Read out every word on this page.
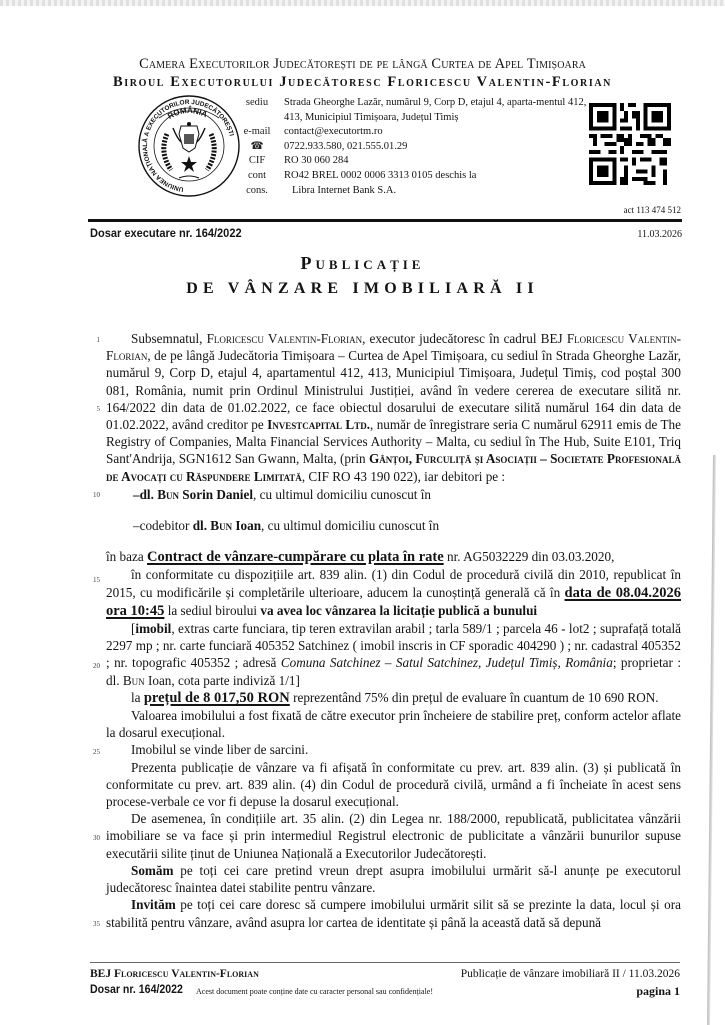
Camera Executorilor Judecătorești de pe lângă Curtea de Apel Timișoara
Biroul Executorului Judecătoresc Floricescu Valentin-Florian
ROMÂNIA
UNIUNEA NAȚIONALĂ A EXECUTORILOR JUDECĂTOREȘTI
sediu	Strada Gheorghe Lazăr, numărul 9, Corp D, etajul 4, aparta-mentul 412, 413, Municipiul Timișoara, Județul Timiș
e-mail	contact@executortm.ro
☎	0722.933.580, 021.555.01.29
CIF	RO 30 060 284
cont	RO42 BREL 0002 0006 3313 0105 deschis la
cons.	Libra Internet Bank S.A.
act 113 474 512
Dosar executare nr. 164/2022	11.03.2026
Publicație
DE VÂNZARE IMOBILIARĂ II
1
5
10
15
20
25
30
35

Subsemnatul, Floricescu Valentin-Florian, executor judecătoresc în cadrul BEJ Floricescu Valentin-Florian, de pe lângă Judecătoria Timișoara – Curtea de Apel Timișoara, cu sediul în Strada Gheorghe Lazăr, numărul 9, Corp D, etajul 4, apartamentul 412, 413, Municipiul Timișoara, Județul Timiș, cod poștal 300 081, România, numit prin Ordinul Ministrului Justiției, având în vedere cererea de executare silită nr. 164/2022 din data de 01.02.2022, ce face obiectul dosarului de executare silită numărul 164 din data de 01.02.2022, având creditor pe Investcapital Ltd., număr de înregistrare seria C numărul 62911 emis de The Registry of Companies, Malta Financial Services Authority – Malta, cu sediul în The Hub, Suite E101, Triq Sant'Andrija, SGN1612 San Gwann, Malta, (prin Gânțoi, Furculiță și Asociații – Societate Profesională de Avocați cu Răspundere Limitată, CIF RO 43 190 022), iar debitori pe :

–dl. Bun Sorin Daniel, cu ultimul domiciliu cunoscut în

–codebitor dl. Bun Ioan, cu ultimul domiciliu cunoscut în

în baza Contract de vânzare-cumpărare cu plata în rate nr. AG5032229 din 03.03.2020,

în conformitate cu dispozițiile art. 839 alin. (1) din Codul de procedură civilă din 2010, republicat în 2015, cu modificările și completările ulterioare, aducem la cunoștință generală că în data de 08.04.2026 ora 10:45 la sediul biroului va avea loc vânzarea la licitație publică a bunului

[imobil, extras carte funciara, tip teren extravilan arabil ; tarla 589/1 ; parcela 46 - lot2 ; suprafață totală 2297 mp ; nr. carte funciară 405352 Satchinez ( imobil inscris in CF sporadic 404290 ) ; nr. cadastral 405352 ; nr. topografic 405352 ; adresă Comuna Satchinez – Satul Satchinez, Județul Timiș, România; proprietar : dl. Bun Ioan, cota parte indiviză 1/1]

la prețul de 8 017,50 RON reprezentând 75% din prețul de evaluare în cuantum de 10 690 RON.

Valoarea imobilului a fost fixată de către executor prin încheiere de stabilire preț, conform actelor aflate la dosarul execuțional.

Imobilul se vinde liber de sarcini.

Prezenta publicație de vânzare va fi afișată în conformitate cu prev. art. 839 alin. (3) și publicată în conformitate cu prev. art. 839 alin. (4) din Codul de procedură civilă, urmând a fi încheiate în acest sens procese-verbale ce vor fi depuse la dosarul execuțional.

De asemenea, în condițiile art. 35 alin. (2) din Legea nr. 188/2000, republicată, publicitatea vânzării imobiliare se va face și prin intermediul Registrul electronic de publicitate a vânzării bunurilor supuse executării silite ținut de Uniunea Națională a Executorilor Judecătorești.

Somăm pe toți cei care pretind vreun drept asupra imobilului urmărit să-l anunțe pe executorul judecătoresc înaintea datei stabilite pentru vânzare.

Invităm pe toți cei care doresc să cumpere imobilului urmărit silit să se prezinte la data, locul și ora stabilită pentru vânzare, având asupra lor cartea de identitate și până la această dată să depună

BEJ Floricescu Valentin-Florian	Publicație de vânzare imobiliară II / 11.03.2026
Dosar nr. 164/2022 Acest document poate conține date cu caracter personal sau confidențiale!	pagina 1
